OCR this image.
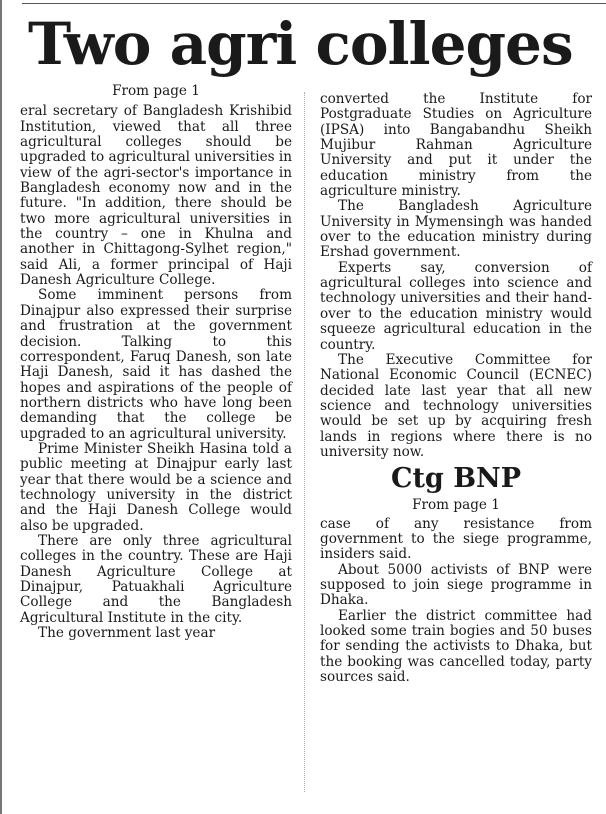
Two agri colleges
From page 1

eral secretary of Bangladesh Krishibid Institution, viewed that all three agricultural colleges should be upgraded to agricultural universities in view of the agri-sector's importance in Bangladesh economy now and in the future. "In addition, there should be two more agricultural universities in the country – one in Khulna and another in Chittagong-Sylhet region," said Ali, a former principal of Haji Danesh Agriculture College.

Some imminent persons from Dinajpur also expressed their surprise and frustration at the government decision. Talking to this correspondent, Faruq Danesh, son late Haji Danesh, said it has dashed the hopes and aspirations of the people of northern districts who have long been demanding that the college be upgraded to an agricultural university.

Prime Minister Sheikh Hasina told a public meeting at Dinajpur early last year that there would be a science and technology university in the district and the Haji Danesh College would also be upgraded.

There are only three agricultural colleges in the country. These are Haji Danesh Agriculture College at Dinajpur, Patuakhali Agriculture College and the Bangladesh Agricultural Institute in the city.

The government last year

converted the Institute for Postgraduate Studies on Agriculture (IPSA) into Bangabandhu Sheikh Mujibur Rahman Agriculture University and put it under the education ministry from the agriculture ministry.

The Bangladesh Agriculture University in Mymensingh was handed over to the education ministry during Ershad government.

Experts say, conversion of agricultural colleges into science and technology universities and their hand-over to the education ministry would squeeze agricultural education in the country.

The Executive Committee for National Economic Council (ECNEC) decided late last year that all new science and technology universities would be set up by acquiring fresh lands in regions where there is no university now.

Ctg BNP
From page 1

case of any resistance from government to the siege programme, insiders said.

About 5000 activists of BNP were supposed to join siege programme in Dhaka.

Earlier the district committee had looked some train bogies and 50 buses for sending the activists to Dhaka, but the booking was cancelled today, party sources said.
